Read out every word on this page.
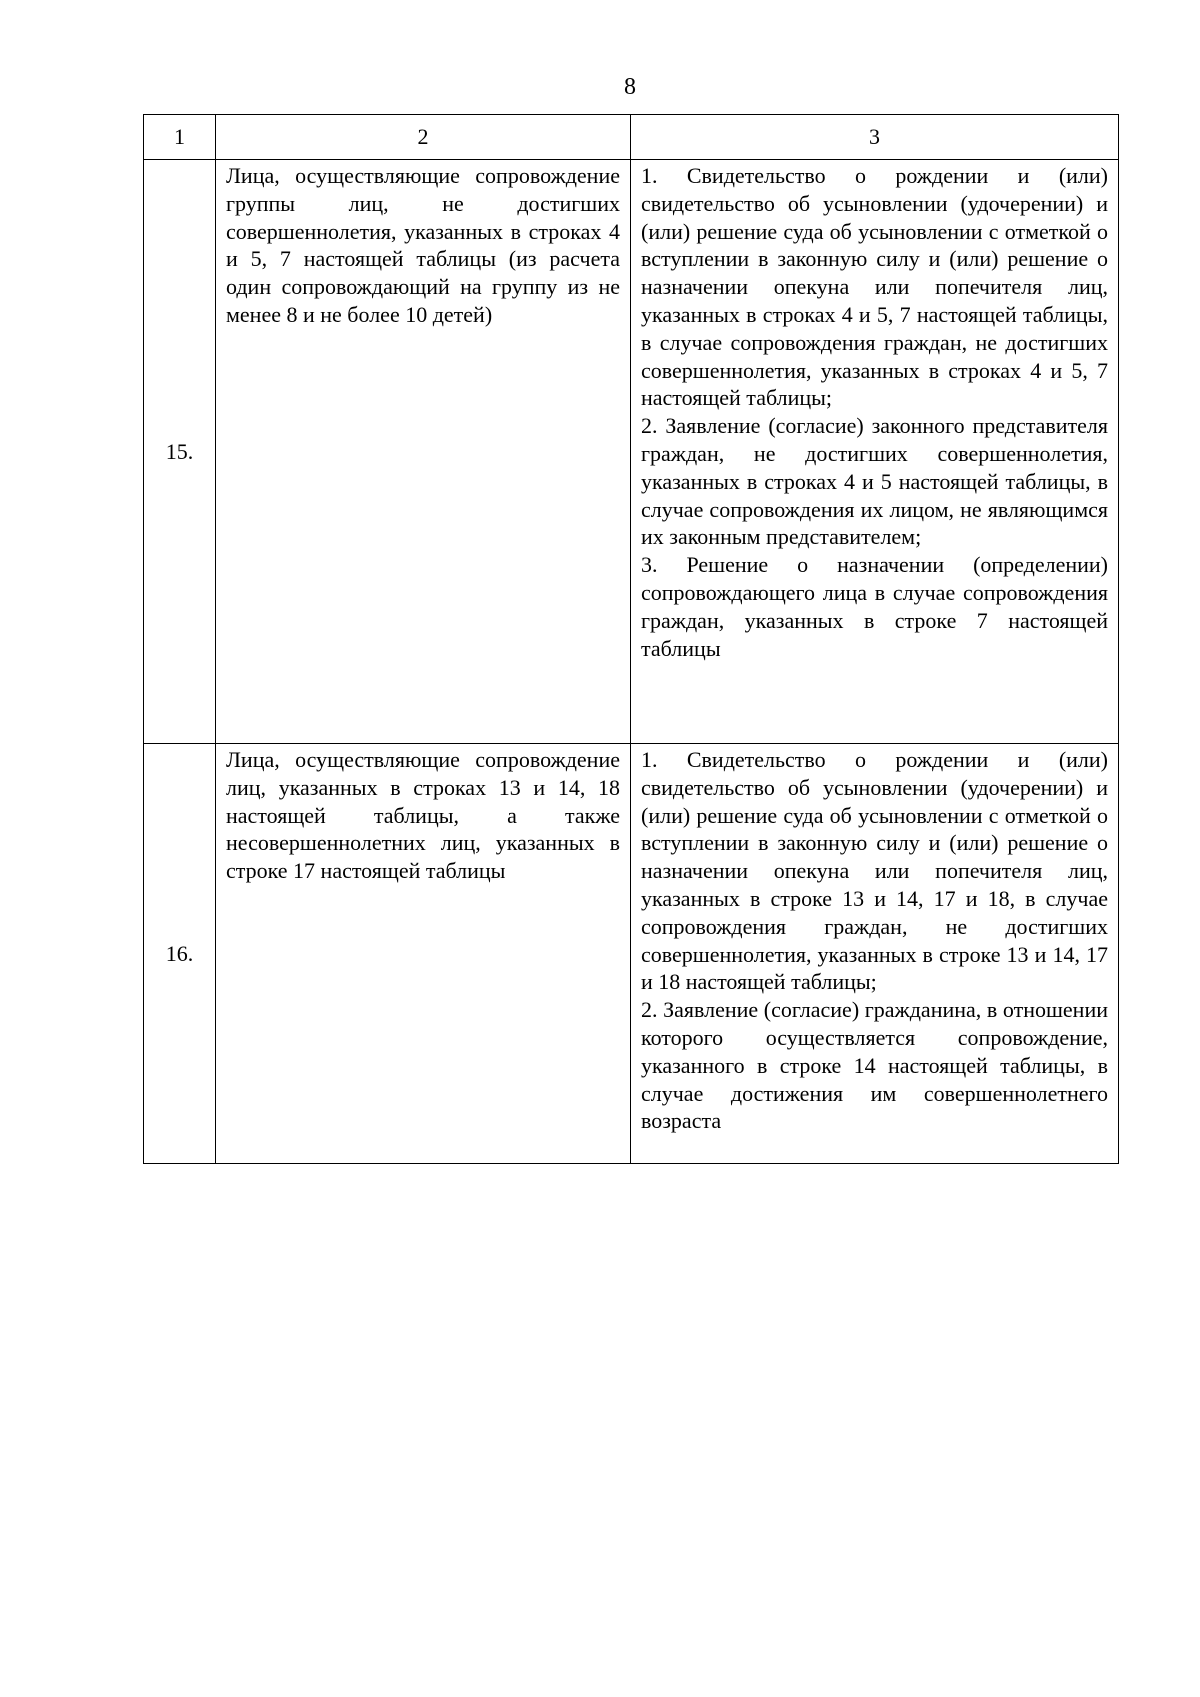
8
1	2	3
15.	Лица, осуществляющие сопровождение группы лиц, не достигших совершеннолетия, указанных в строках 4 и 5, 7 настоящей таблицы (из расчета один сопровождающий на группу из не менее 8 и не более 10 детей)	1. Свидетельство о рождении и (или) свидетельство об усыновлении (удочерении) и (или) решение суда об усыновлении с отметкой о вступлении в законную силу и (или) решение о назначении опекуна или попечителя лиц, указанных в строках 4 и 5, 7 настоящей таблицы, в случае сопровождения граждан, не достигших совершеннолетия, указанных в строках 4 и 5, 7 настоящей таблицы;
2. Заявление (согласие) законного представителя граждан, не достигших совершеннолетия, указанных в строках 4 и 5 настоящей таблицы, в случае сопровождения их лицом, не являющимся их законным представителем;
3. Решение о назначении (определении) сопровождающего лица в случае сопровождения граждан, указанных в строке 7 настоящей таблицы

16.	Лица, осуществляющие сопровождение лиц, указанных в строках 13 и 14, 18 настоящей таблицы, а также несовершеннолетних лиц, указанных в строке 17 настоящей таблицы	1. Свидетельство о рождении и (или) свидетельство об усыновлении (удочерении) и (или) решение суда об усыновлении с отметкой о вступлении в законную силу и (или) решение о назначении опекуна или попечителя лиц, указанных в строке 13 и 14, 17 и 18, в случае сопровождения граждан, не достигших совершеннолетия, указанных в строке 13 и 14, 17 и 18 настоящей таблицы;
2. Заявление (согласие) гражданина, в отношении которого осуществляется сопровождение, указанного в строке 14 настоящей таблицы, в случае достижения им совершеннолетнего возраста
